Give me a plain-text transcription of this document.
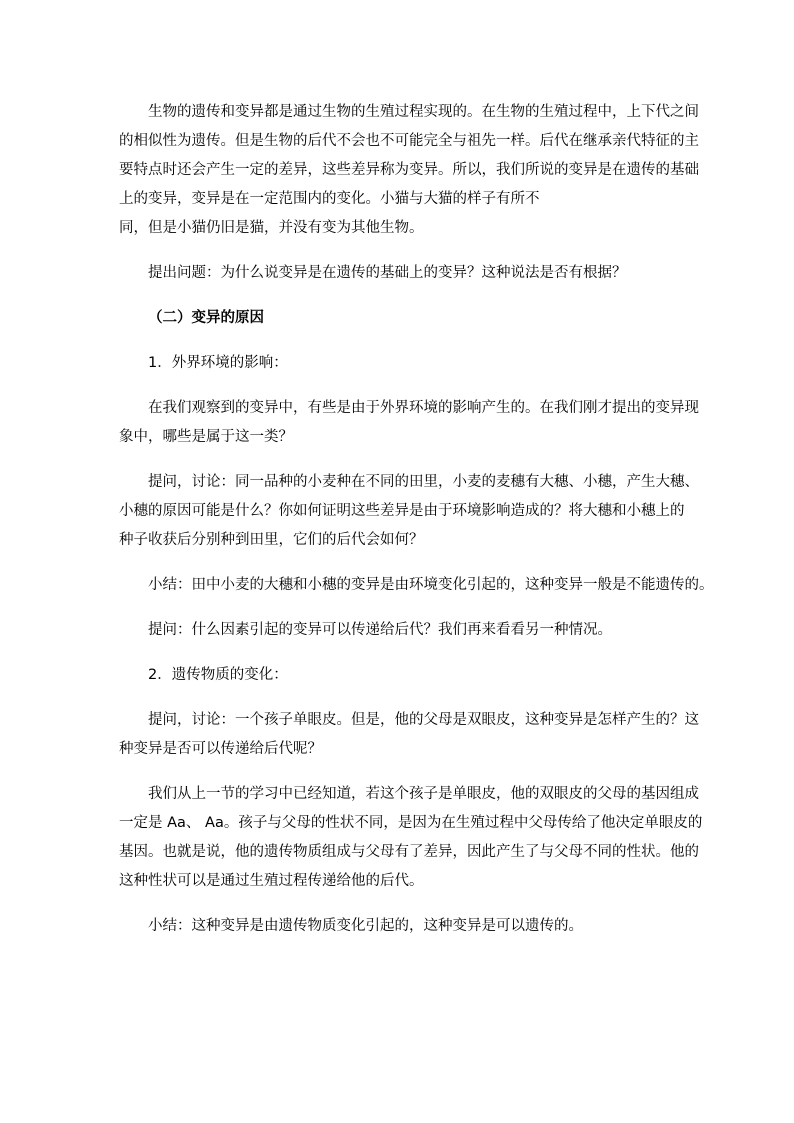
生物的遗传和变异都是通过生物的生殖过程实现的。在生物的生殖过程中，上下代之间
的相似性为遗传。但是生物的后代不会也不可能完全与祖先一样。后代在继承亲代特征的主
要特点时还会产生一定的差异，这些差异称为变异。所以，我们所说的变异是在遗传的基础
上的变异，变异是在一定范围内的变化。小猫与大猫的样子有所不
同，但是小猫仍旧是猫，并没有变为其他生物。
提出问题：为什么说变异是在遗传的基础上的变异？这种说法是否有根据？
（二）变异的原因
1．外界环境的影响：
在我们观察到的变异中，有些是由于外界环境的影响产生的。在我们刚才提出的变异现
象中，哪些是属于这一类？
提问，讨论：同一品种的小麦种在不同的田里，小麦的麦穗有大穗、小穗，产生大穗、
小穗的原因可能是什么？你如何证明这些差异是由于环境影响造成的？将大穗和小穗上的
种子收获后分别种到田里，它们的后代会如何？
小结：田中小麦的大穗和小穗的变异是由环境变化引起的，这种变异一般是不能遗传的。
提问：什么因素引起的变异可以传递给后代？我们再来看看另一种情况。
2．遗传物质的变化：
提问，讨论：一个孩子单眼皮。但是，他的父母是双眼皮，这种变异是怎样产生的？这
种变异是否可以传递给后代呢？
我们从上一节的学习中已经知道，若这个孩子是单眼皮，他的双眼皮的父母的基因组成
一定是 Aa、 Aa。孩子与父母的性状不同，是因为在生殖过程中父母传给了他决定单眼皮的
基因。也就是说，他的遗传物质组成与父母有了差异，因此产生了与父母不同的性状。他的
这种性状可以是通过生殖过程传递给他的后代。
小结：这种变异是由遗传物质变化引起的，这种变异是可以遗传的。
